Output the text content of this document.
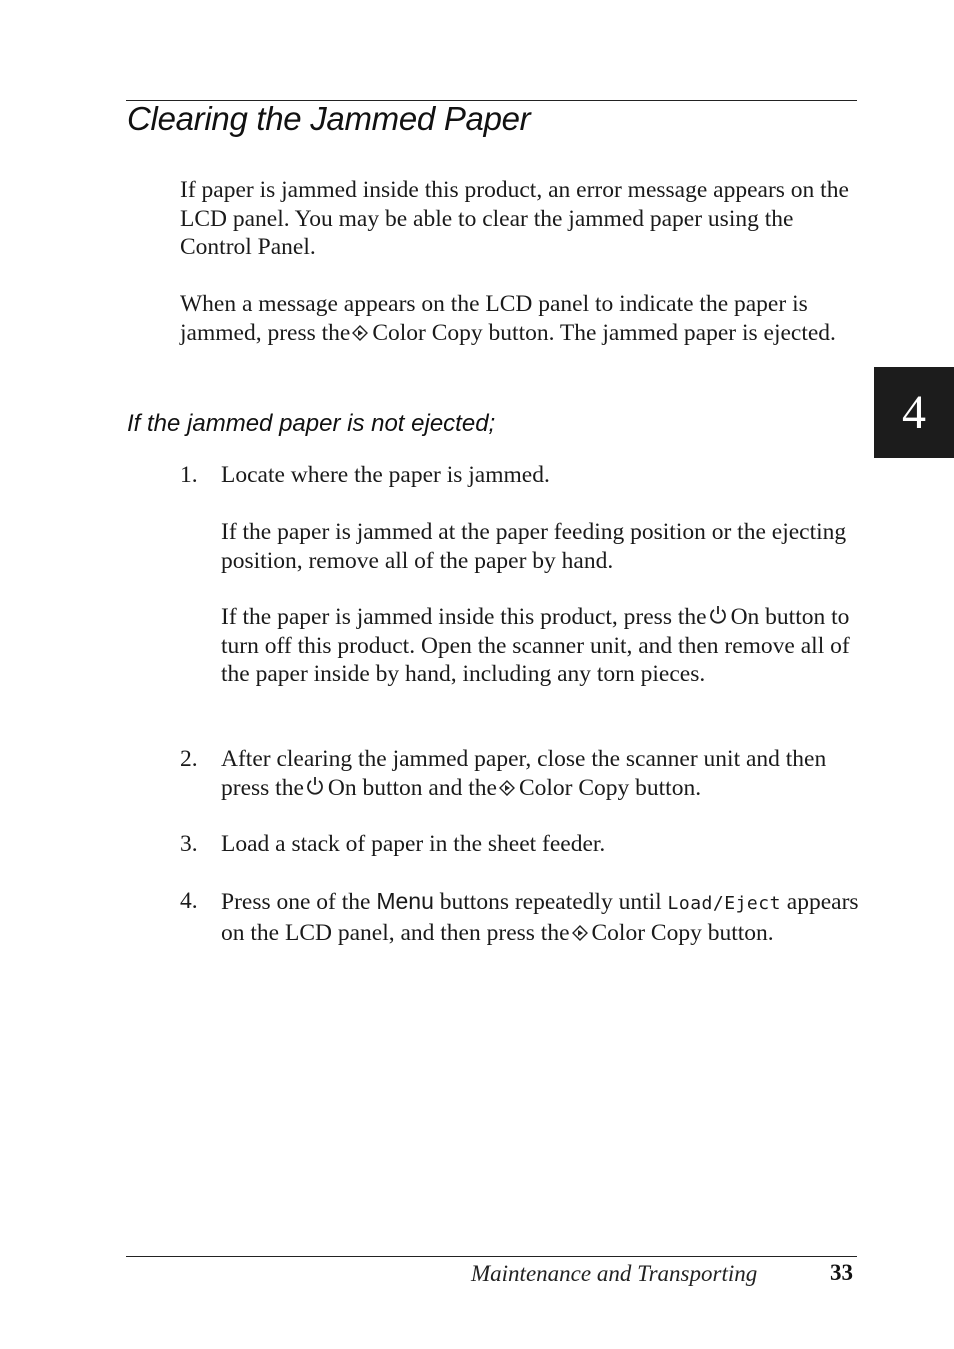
Clearing the Jammed Paper

If paper is jammed inside this product, an error message appears on the LCD panel. You may be able to clear the jammed paper using the Control Panel.

When a message appears on the LCD panel to indicate the paper is jammed, press the Color Copy button. The jammed paper is ejected.

If the jammed paper is not ejected;
1. Locate where the paper is jammed.

If the paper is jammed at the paper feeding position or the ejecting position, remove all of the paper by hand.

If the paper is jammed inside this product, press the On button to turn off this product. Open the scanner unit, and then remove all of the paper inside by hand, including any torn pieces.

2. After clearing the jammed paper, close the scanner unit and then press the On button and the Color Copy button.

3. Load a stack of paper in the sheet feeder.

4. Press one of the Menu buttons repeatedly until Load/Eject appears on the LCD panel, and then press the Color Copy button.

4
Maintenance and Transporting	33
